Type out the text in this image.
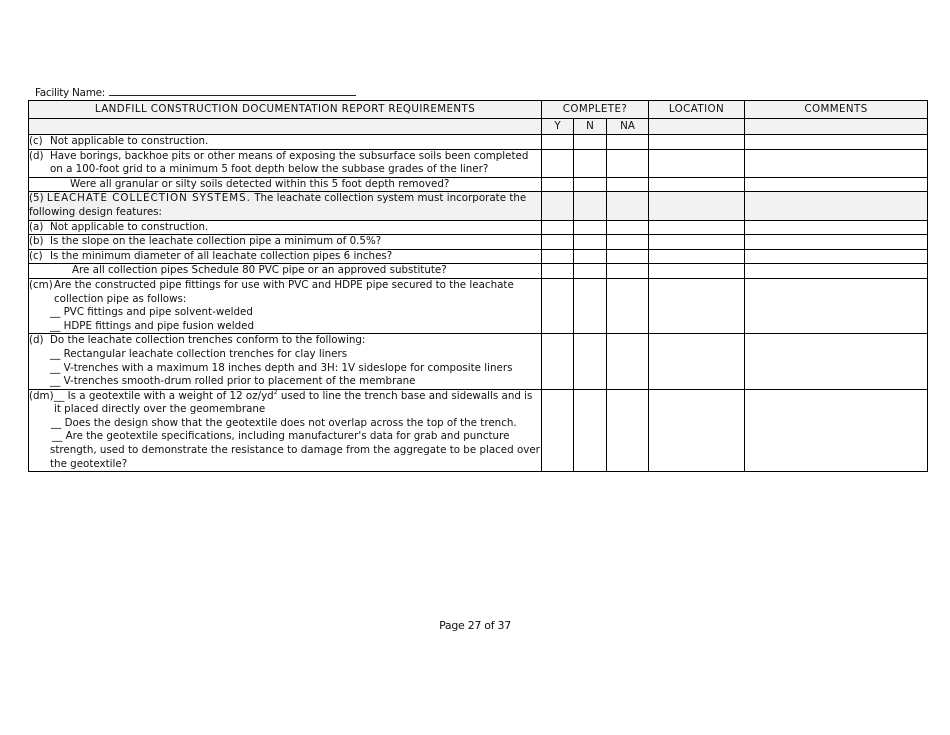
Facility Name:
LANDFILL CONSTRUCTION DOCUMENTATION REPORT REQUIREMENTS	COMPLETE?			LOCATION	COMMENTS
	Y	N	NA		

(c) Not applicable to construction.					

(d) Have borings, backhoe pits or other means of exposing the subsurface soils been completed on a 100-foot grid to a minimum 5 foot depth below the subbase grades of the liner?					

Were all granular or silty soils detected within this 5 foot depth removed?					
(5) LEACHATE COLLECTION SYSTEMS. The leachate collection system must incorporate the following design features:					

(a) Not applicable to construction.					

(b) Is the slope on the leachate collection pipe a minimum of 0.5%?					

(c) Is the minimum diameter of all leachate collection pipes 6 inches?					

Are all collection pipes Schedule 80 PVC pipe or an approved substitute?					

(cm) Are the constructed pipe fittings for use with PVC and HDPE pipe secured to the leachate collection pipe as follows:
__ PVC fittings and pipe solvent-welded
__ HDPE fittings and pipe fusion welded					

(d) Do the leachate collection trenches conform to the following:
__ Rectangular leachate collection trenches for clay liners
__ V-trenches with a maximum 18 inches depth and 3H: 1V sideslope for composite liners
__ V-trenches smooth-drum rolled prior to placement of the membrane					

(dm) __ Is a geotextile with a weight of 12 $oz/yd^2$ used to line the trench base and sidewalls and is it placed directly over the geomembrane
__ Does the design show that the geotextile does not overlap across the top of the trench.
__ Are the geotextile specifications, including manufacturer's data for grab and puncture strength, used to demonstrate the resistance to damage from the aggregate to be placed over the geotextile?					

Page 27 of 37
